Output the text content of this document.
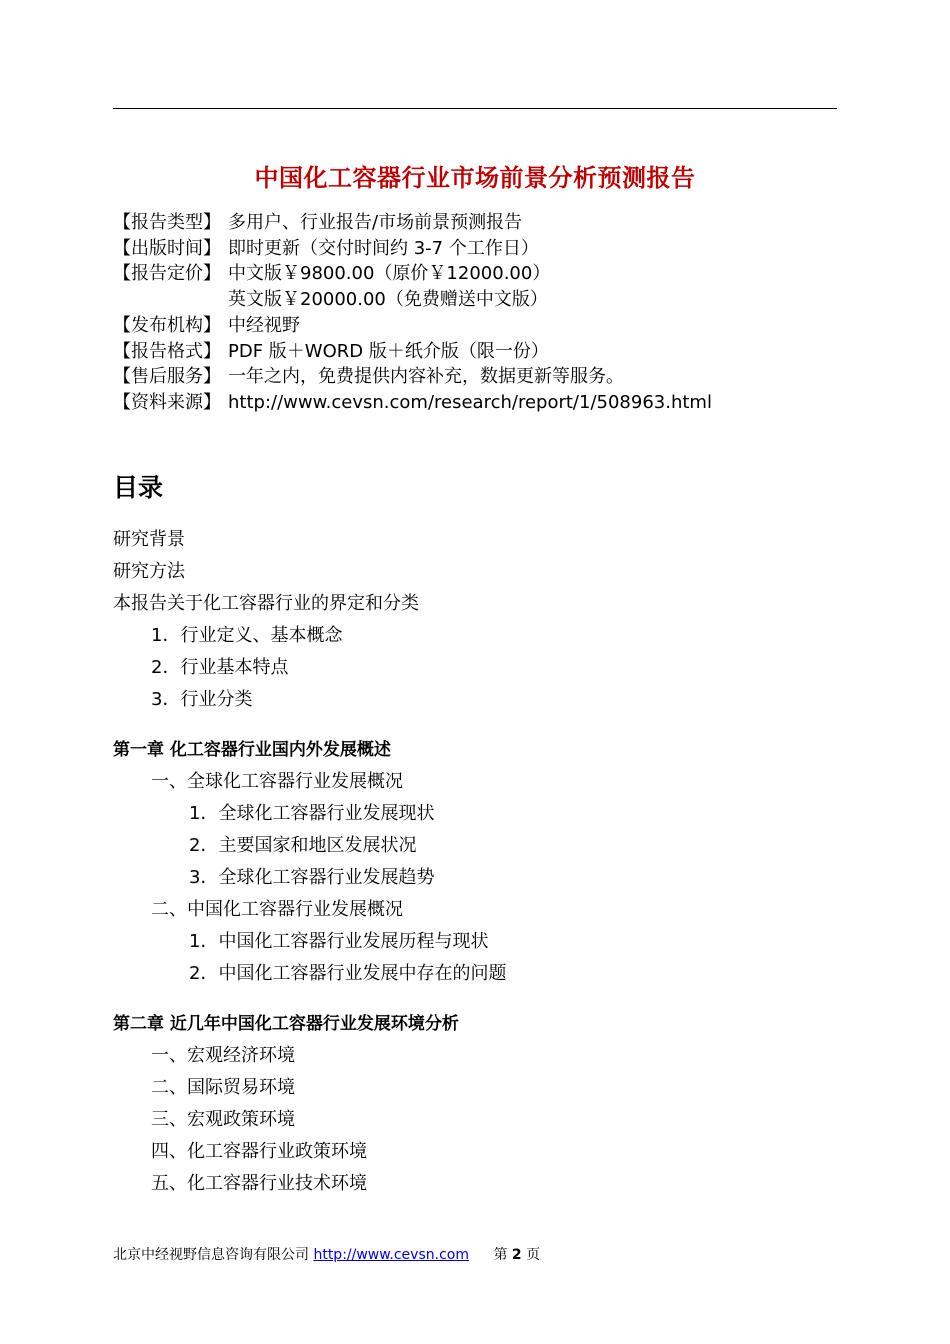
中国化工容器行业市场前景分析预测报告
【报告类型】 多用户、行业报告/市场前景预测报告
【出版时间】 即时更新（交付时间约 3-7 个工作日）
【报告定价】 中文版￥9800.00（原价￥12000.00）
英文版￥20000.00（免费赠送中文版）
【发布机构】 中经视野
【报告格式】 PDF 版＋WORD 版＋纸介版（限一份）
【售后服务】 一年之内，免费提供内容补充，数据更新等服务。
【资料来源】 http://www.cevsn.com/research/report/1/508963.html
目录
研究背景
研究方法
本报告关于化工容器行业的界定和分类
1．行业定义、基本概念
2．行业基本特点
3．行业分类
第一章 化工容器行业国内外发展概述
一、全球化工容器行业发展概况
1．全球化工容器行业发展现状
2．主要国家和地区发展状况
3．全球化工容器行业发展趋势
二、中国化工容器行业发展概况
1．中国化工容器行业发展历程与现状
2．中国化工容器行业发展中存在的问题
第二章 近几年中国化工容器行业发展环境分析
一、宏观经济环境
二、国际贸易环境
三、宏观政策环境
四、化工容器行业政策环境
五、化工容器行业技术环境
北京中经视野信息咨询有限公司 http://www.cevsn.com 第 2 页
